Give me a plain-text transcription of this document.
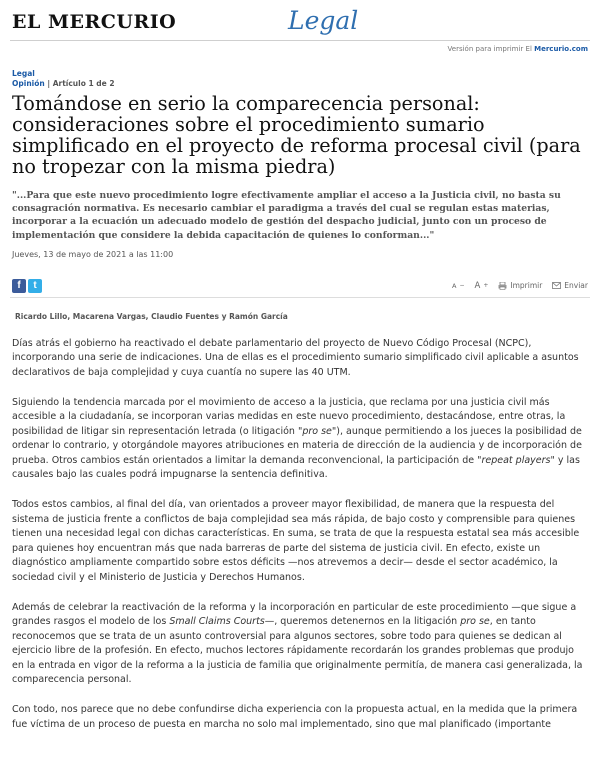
EL MERCURIO	Legal
Versión para imprimir El Mercurio.com
Legal
Opinión | Artículo 1 de 2
Tomándose en serio la comparecencia personal: consideraciones sobre el procedimiento sumario simplificado en el proyecto de reforma procesal civil (para no tropezar con la misma piedra)
"...Para que este nuevo procedimiento logre efectivamente ampliar el acceso a la Justicia civil, no basta su consagración normativa. Es necesario cambiar el paradigma a través del cual se regulan estas materias, incorporar a la ecuación un adecuado modelo de gestión del despacho judicial, junto con un proceso de implementación que considere la debida capacitación de quienes lo conforman..."
Jueves, 13 de mayo de 2021 a las 11:00
f	t	A − A +	Imprimir	Enviar
Ricardo Lillo, Macarena Vargas, Claudio Fuentes y Ramón García

Días atrás el gobierno ha reactivado el debate parlamentario del proyecto de Nuevo Código Procesal (NCPC), incorporando una serie de indicaciones. Una de ellas es el procedimiento sumario simplificado civil aplicable a asuntos declarativos de baja complejidad y cuya cuantía no supere las 40 UTM.

Siguiendo la tendencia marcada por el movimiento de acceso a la justicia, que reclama por una justicia civil más accesible a la ciudadanía, se incorporan varias medidas en este nuevo procedimiento, destacándose, entre otras, la posibilidad de litigar sin representación letrada (o litigación "pro se"), aunque permitiendo a los jueces la posibilidad de ordenar lo contrario, y otorgándole mayores atribuciones en materia de dirección de la audiencia y de incorporación de prueba. Otros cambios están orientados a limitar la demanda reconvencional, la participación de "repeat players" y las causales bajo las cuales podrá impugnarse la sentencia definitiva.

Todos estos cambios, al final del día, van orientados a proveer mayor flexibilidad, de manera que la respuesta del sistema de justicia frente a conflictos de baja complejidad sea más rápida, de bajo costo y comprensible para quienes tienen una necesidad legal con dichas características. En suma, se trata de que la respuesta estatal sea más accesible para quienes hoy encuentran más que nada barreras de parte del sistema de justicia civil. En efecto, existe un diagnóstico ampliamente compartido sobre estos déficits —nos atrevemos a decir— desde el sector académico, la sociedad civil y el Ministerio de Justicia y Derechos Humanos.

Además de celebrar la reactivación de la reforma y la incorporación en particular de este procedimiento —que sigue a grandes rasgos el modelo de los Small Claims Courts—, queremos detenernos en la litigación pro se, en tanto reconocemos que se trata de un asunto controversial para algunos sectores, sobre todo para quienes se dedican al ejercicio libre de la profesión. En efecto, muchos lectores rápidamente recordarán los grandes problemas que produjo en la entrada en vigor de la reforma a la justicia de familia que originalmente permitía, de manera casi generalizada, la comparecencia personal.

Con todo, nos parece que no debe confundirse dicha experiencia con la propuesta actual, en la medida que la primera fue víctima de un proceso de puesta en marcha no solo mal implementado, sino que mal planificado (importante
